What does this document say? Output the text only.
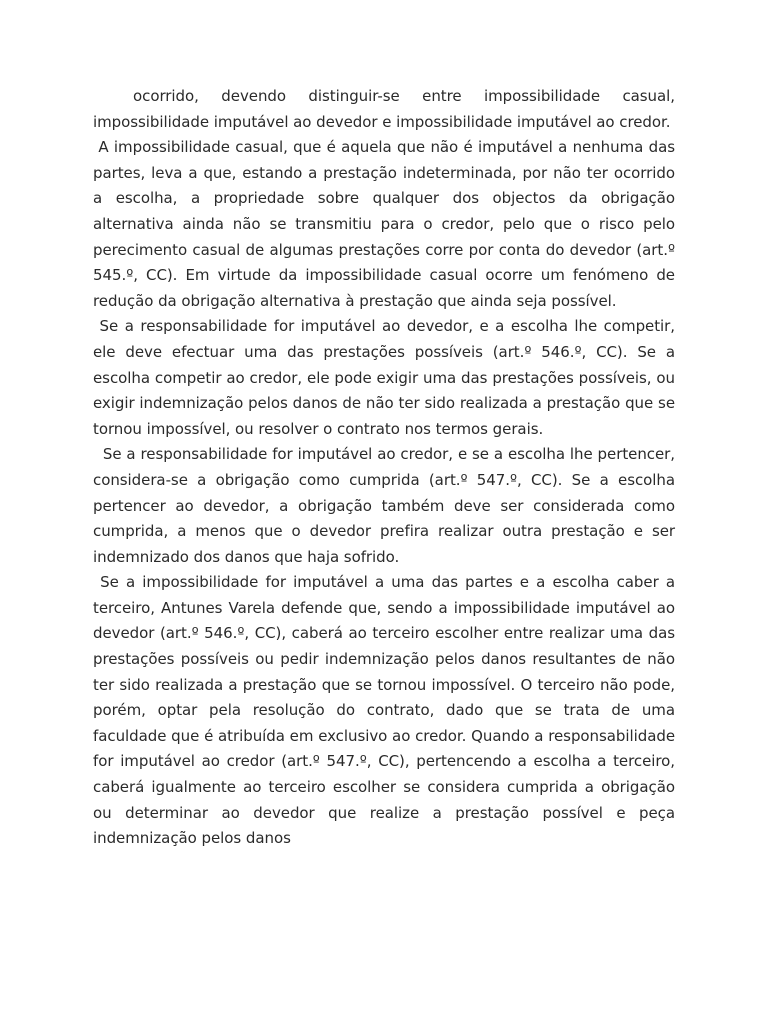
ocorrido, devendo distinguir-se entre impossibilidade casual, impossibilidade imputável ao devedor e impossibilidade imputável ao credor.

A impossibilidade casual, que é aquela que não é imputável a nenhuma das partes, leva a que, estando a prestação indeterminada, por não ter ocorrido a escolha, a propriedade sobre qualquer dos objectos da obrigação alternativa ainda não se transmitiu para o credor, pelo que o risco pelo perecimento casual de algumas prestações corre por conta do devedor (art.º 545.º, CC). Em virtude da impossibilidade casual ocorre um fenómeno de redução da obrigação alternativa à prestação que ainda seja possível.

Se a responsabilidade for imputável ao devedor, e a escolha lhe competir, ele deve efectuar uma das prestações possíveis (art.º 546.º, CC). Se a escolha competir ao credor, ele pode exigir uma das prestações possíveis, ou exigir indemnização pelos danos de não ter sido realizada a prestação que se tornou impossível, ou resolver o contrato nos termos gerais.

Se a responsabilidade for imputável ao credor, e se a escolha lhe pertencer, considera-se a obrigação como cumprida (art.º 547.º, CC). Se a escolha pertencer ao devedor, a obrigação também deve ser considerada como cumprida, a menos que o devedor prefira realizar outra prestação e ser indemnizado dos danos que haja sofrido.

Se a impossibilidade for imputável a uma das partes e a escolha caber a terceiro, Antunes Varela defende que, sendo a impossibilidade imputável ao devedor (art.º 546.º, CC), caberá ao terceiro escolher entre realizar uma das prestações possíveis ou pedir indemnização pelos danos resultantes de não ter sido realizada a prestação que se tornou impossível. O terceiro não pode, porém, optar pela resolução do contrato, dado que se trata de uma faculdade que é atribuída em exclusivo ao credor. Quando a responsabilidade for imputável ao credor (art.º 547.º, CC), pertencendo a escolha a terceiro, caberá igualmente ao terceiro escolher se considera cumprida a obrigação ou determinar ao devedor que realize a prestação possível e peça indemnização pelos danos
